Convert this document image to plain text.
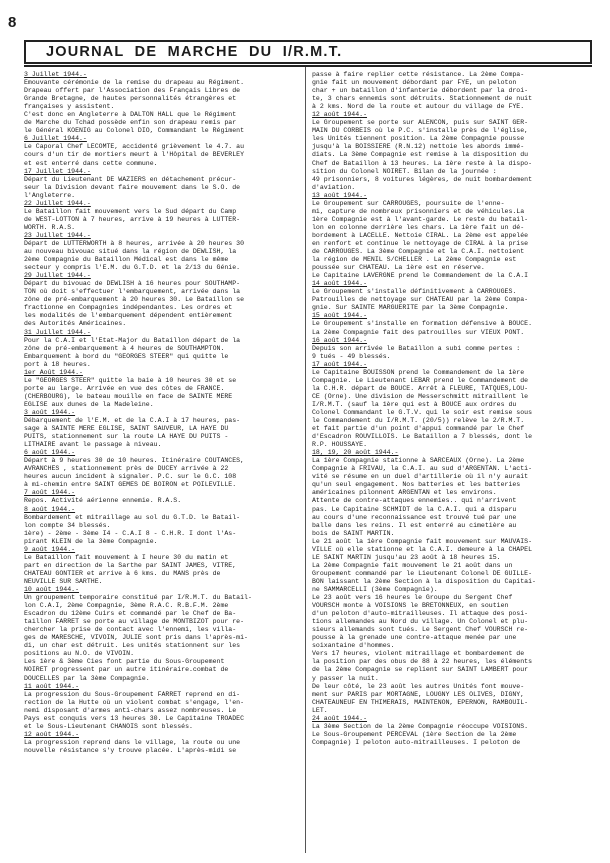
8
JOURNAL  DE  MARCHE  DU  I/R.M.T.
3 Juillet 1944.-
Emouvante cérémonie de la remise du drapeau au Régiment.
Drapeau offert par l'Association des Français Libres de
Grande Bretagne, de hautes personnalités étrangères et
françaises y assistent.
C'est donc en Angleterre à DALTON HALL que le Régiment
de Marche du Tchad possède enfin son drapeau remis par
le Général KOENIG au Colonel DIO, Commandant le Régiment
6 Juillet 1944.-
Le Caporal Chef LECOMTE, accidenté grièvement le 4.7. au
cours d'un tir de mortiers meurt à l'Hôpital de BEVERLEY
et est enterré dans cette commune.
17 Juillet 1944.-
Départ du Lieutenant DE WAZIERS en détachement précur-
seur la Division devant faire mouvement dans le S.O. de
l'Angleterre.
22 Juillet 1944.-
Le Bataillon fait mouvement vers le Sud départ du Camp
de WEST-LOTTON à 7 heures, arrive à 19 heures à LUTTER-
WORTH. R.A.S.
23 Juillet 1944.-
Départ de LUTTERWORTH à 8 heures, arrivée à 20 heures 30
au nouveau bivouac situé dans la région de DEWLISH, la
2ème Compagnie du Bataillon Médical est dans le même
secteur y compris l'E.M. du G.T.D. et la 2/13 du Génie.
29 Juillet 1944.-
Départ du bivouac de DEWLISH à 16 heures pour SOUTHAMP-
TON où doit s'effectuer l'embarquement, arrivée dans la
zône de pré-embarquement à 20 heures 30. Le Bataillon se
fractionne en Compagnies indépendantes. Les ordres et
les modalités de l'embarquement dépendent entièrement
des Autorités Américaines.
31 Juillet 1944.-
Pour la C.A.I et l'Etat-Major du Bataillon départ de la
zône de pré-embarquement à 4 heures de SOUTHAMPTON.
Embarquement à bord du "GEORGES STEER" qui quitte le
port à 18 heures.
1er Août 1944.-
Le "GEORGES STEER" quitte la baie à 10 heures 30 et se
porte au large. Arrivée en vue des côtes de FRANCE.
(CHERBOURG), le bateau mouille en face de SAINTE MERE
EGLISE aux dunes de la Madeleine.
3 août 1944.-
Débarquement de l'E.M. et de la C.A.I à 17 heures, pas-
sage à SAINTE MERE EGLISE, SAINT SAUVEUR, LA HAYE DU
PUITS, stationnement sur la route LA HAYE DU PUITS -
LITHAIRE avant le passage à niveau.
6 août 1944.-
Départ à 9 heures 30 de 10 heures. Itinéraire COUTANCES,
AVRANCHES , stationnement près de DUCEY arrivée à 22
heures aucun incident à signaler. P.C. sur le G.C. 108
à mi-chemin entre SAINT GEMES DE BOIRON et POILEVILLE.
7 août 1944.-
Repos. Activité aérienne ennemie. R.A.S.
8 août 1944.-
Bombardement et mitraillage au sol du G.T.D. le Batail-
lon compte 34 blessés.
1ère) - 2ème - 3ème I4 - C.A.I 8 - C.H.R. I dont l'As-
pirant KLEIN de la 3ème Compagnie.
9 août 1944.-
Le Bataillon fait mouvement à I heure 30 du matin et
part en direction de la Sarthe par SAINT JAMES, VITRE,
CHATEAU GONTIER et arrive à 6 kms. du MANS près de
NEUVILLE SUR SARTHE.
10 août 1944.-
Un groupement temporaire constitué par I/R.M.T. du Batail-
lon C.A.I, 2ème Compagnie, 3ème R.A.C. R.B.F.M. 2ème
Escadron du 12ème Cuirs et commandé par le Chef de Ba-
taillon FARRET se porte au village de MONTBIZOT pour re-
chercher la prise de contact avec l'ennemi, les villa-
ges de MARESCHE, VIVOIN, JULIE sont pris dans l'après-mi-
di, un char est détruit. Les unités stationnent sur les
positions au N.O. de VIVOIN.
Les 1ère & 3ème Cies font partie du Sous-Groupement
NOIRET progressent par un autre itinéraire.combat de
DOUCELLES par la 3ème Compagnie.
11 août 1944.-
La progression du Sous-Groupement FARRET reprend en di-
rection de la Hutte où un violent combat s'engage, l'en-
nemi disposant d'armes anti-chars assez nombreuses. Le
Pays est conquis vers 13 heures 30. Le Capitaine TROADEC
et le Sous-Lieutenant CHANOIS sont blessés.
12 août 1944.-
La progression reprend dans le village, la route ou une
nouvelle résistance s'y trouve placée. L'après-midi se
passe à faire replier cette résistance. La 2ème Compa-
gnie fait un mouvement débordant par FYE, un peloton
char + un bataillon d'infanterie débordent par la droi-
te, 3 chars ennemis sont détruits. Stationnement de nuit
à 2 kms. Nord de la route et autour du village de FYE.
12 août 1944.-
Le Groupement se porte sur ALENCON, puis sur SAINT GER-
MAIN DU CORBEIS où le P.C. s'installe près de l'église,
les Unités tiennent position. La 2ème Compagnie pousse
jusqu'à la BOISSIERE (R.N.12) nettoie les abords immé-
diats. La 3ème Compagnie est remise à la disposition du
Chef de Bataillon à 13 heures. La 1ère reste à la dispo-
sition du Colonel NOIRET. Bilan de la journée :
49 prisonniers, 8 voitures légères, de nuit bombardement
d'aviation.
13 août 1944.-
Le Groupement sur CARROUGES, poursuite de l'enne-
mi, capture de nombreux prisonniers et de véhicules.La
1ère Compagnie est à l'avant-garde. Le reste du batail-
lon en colonne derrière les chars. La 1ère fait un dé-
bordement à LACELLE. Nettoie CIRAL. La 2ème est appelée
en renfort et continue le nettoyage de CIRAL à la prise
de CARROUGES. La 3ème Compagnie et la C.A.I. nettoient
la région de MENIL S/CHELLER . La 2ème Compagnie est
poussée sur CHATEAU. La 1ère est en réserve.
Le Capitaine LAVERGNE prend le Commandement de la C.A.I
14 août 1944.-
Le Groupement s'installe définitivement à CARROUGES.
Patrouilles de nettoyage sur CHATEAU par la 2ème Compa-
gnie. Sur SAINTE MARGUERITE par la 3ème Compagnie.
15 août 1944.-
Le Groupement s'installe en formation défensive à BOUCE.
La 2ème Compagnie fait des patrouilles sur VIEUX PONT.
16 août 1944.-
Depuis son arrivée le Bataillon a subi comme pertes :
9 tués - 49 blessés.
17 août 1944.-
Le Capitaine BOUISSON prend le Commandement de la 1ère
Compagnie. Le Lieutenant LEBAR prend le Commandement de
la C.H.R. départ de BOUCE. Arrêt à FLEURE, TATQUES,LOU-
CE (Orne). Une division de Messerschmitt mitraillent le
I/R.M.T. (sauf la 1ère qui est à BOUCE aux ordres du
Colonel Commandant le G.T.V. qui le soir est remise sous
le Commandement du I/R.M.T. (20/5)) relève le 2/R.M.T.
et fait partie d'un point d'appui commandé par le Chef
d'Escadron ROUVILLOIS. Le Bataillon a 7 blessés, dont le
R.P. HOUSSAYE.
18, 19, 20 août 1944.-
La 1ère Compagnie stationne à SARCEAUX (Orne). La 2ème
Compagnie à FRIVAU, la C.A.I. au sud d'ARGENTAN. L'acti-
vité se résume en un duel d'artillerie où il n'y aurait
qu'un seul engagement. Nos batteries et les batteries
américaines pilonnent ARGENTAN et les environs.
Attente de contre-attaques ennemies.. qui n'arrivent
pas. Le Capitaine SCHMIDT de la C.A.I. qui a disparu
au cours d'une reconnaissance est trouvé tué par une
balle dans les reins. Il est enterré au cimetière au
bois de SAINT MARTIN.
Le 21 août la 1ère Compagnie fait mouvement sur MAUVAIS-
VILLE où elle stationne et la C.A.I. demeure à la CHAPEL
LE SAINT MARTIN jusqu'au 23 août à 18 heures 15.
La 2ème Compagnie fait mouvement le 21 août dans un
Groupement commandé par le Lieutenant Colonel DE GUILLE-
BON laissant la 2ème Section à la disposition du Capitai-
ne SAMMARCELLI (3ème Compagnie).
Le 23 août vers 16 heures le Groupe du Sergent Chef
VOURSCH monte à VOISIONS le BRETONNEUX, en soutien
d'un peloton d'auto-mitrailleuses. Il attaque des posi-
tions allemandes au Nord du village. Un Colonel et plu-
sieurs allemands sont tués. Le Sergent Chef VOURSCH re-
pousse à la grenade une contre-attaque menée par une
soixantaine d'hommes.
Vers 17 heures, violent mitraillage et bombardement de
la position par des obus de 88 à 22 heures, les éléments
de la 2ème Compagnie se replient sur SAINT LAMBERT pour
y passer la nuit.
De leur côté, le 23 août les autres Unités font mouve-
ment sur PARIS par MORTAGNE, LOUGNY LES OLIVES, DIGNY,
CHATEAUNEUF EN THIMERAIS, MAINTENON, EPERNON, RAMBOUIL-
LET.
24 août 1944.-
La 3ème Section de la 2ème Compagnie réoccupe VOISIONS.
Le Sous-Groupement PERCEVAL (1ère Section de la 2ème
Compagnie) I peloton auto-mitrailleuses. I peloton de
